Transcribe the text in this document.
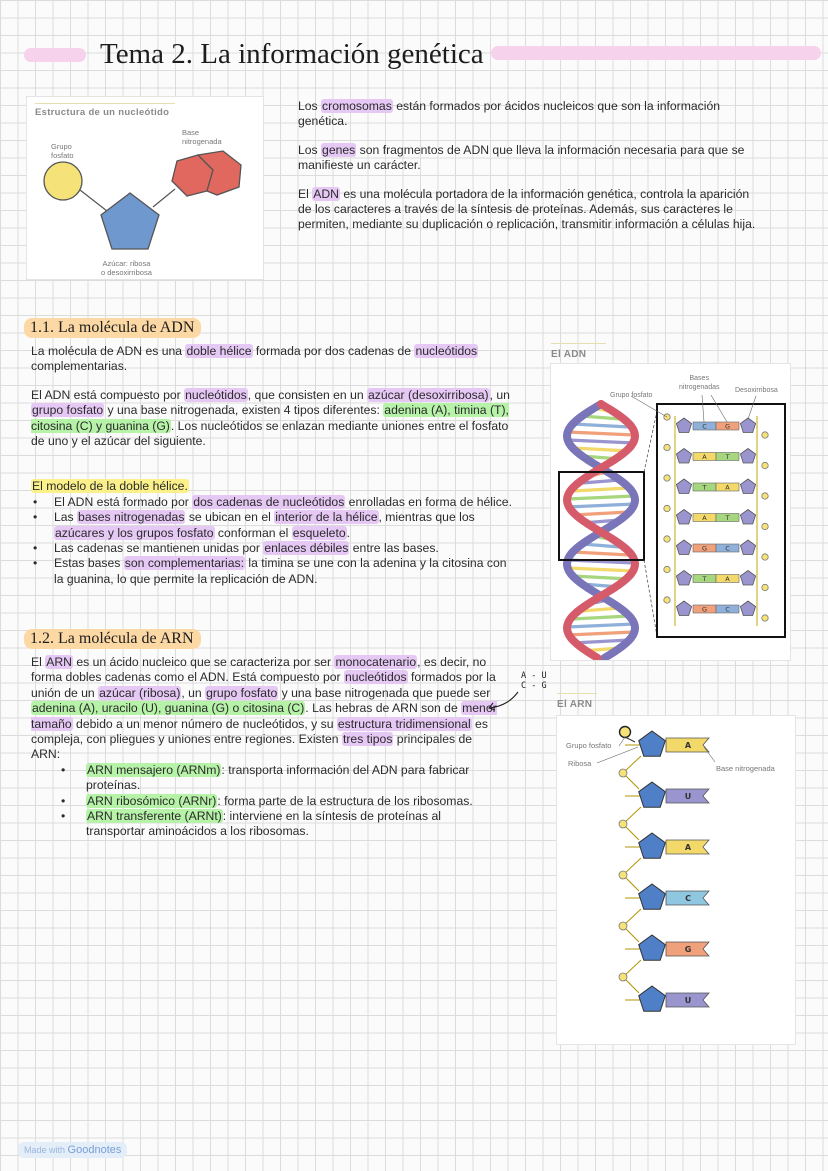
Tema 2. La información genética
Estructura de un nucleótido
Grupo
fosfato
Base
nitrogenada
Azúcar: ribosa
o desoxirribosa

Los cromosomas están formados por ácidos nucleicos que son la información genética.

Los genes son fragmentos de ADN que lleva la información necesaria para que se manifieste un carácter.

El ADN es una molécula portadora de la información genética, controla la aparición de los caracteres a través de la síntesis de proteínas. Además, sus caracteres le permiten, mediante su duplicación o replicación, transmitir información a células hija.

1.1. La molécula de ADN

La molécula de ADN es una doble hélice formada por dos cadenas de nucleótidos complementarias.

El ADN está compuesto por nucleótidos, que consisten en un azúcar (desoxirribosa), un grupo fosfato y una base nitrogenada, existen 4 tipos diferentes: adenina (A), timina (T), citosina (C) y guanina (G). Los nucleótidos se enlazan mediante uniones entre el fosfato de uno y el azúcar del siguiente.

El modelo de la doble hélice.
• El ADN está formado por dos cadenas de nucleótidos enrolladas en forma de hélice.
• Las bases nitrogenadas se ubican en el interior de la hélice, mientras que los azúcares y los grupos fosfato conforman el esqueleto.
• Las cadenas se mantienen unidas por enlaces débiles entre las bases.
• Estas bases son complementarias: la timina se une con la adenina y la citosina con la guanina, lo que permite la replicación de ADN.
El ADN
Grupo fosfato
Bases
nitrogenadas Desoxirribosa
C	G
A	T
T	A
A	T
G	C
T	A
G	C
1.2. La molécula de ARN
El ARN es un ácido nucleico que se caracteriza por ser monocatenario, es decir, no forma dobles cadenas como el ADN. Está compuesto por nucleótidos formados por la unión de un azúcar (ribosa), un grupo fosfato y una base nitrogenada que puede ser adenina (A), uracilo (U), guanina (G) o citosina (C). Las hebras de ARN son de menor tamaño debido a un menor número de nucleótidos, y su estructura tridimensional es compleja, con pliegues y uniones entre regiones. Existen tres tipos principales de ARN:
• ARN mensajero (ARNm): transporta información del ADN para fabricar proteínas.
• ARN ribosómico (ARNr): forma parte de la estructura de los ribosomas.
• ARN transferente (ARNt): interviene en la síntesis de proteínas al transportar aminoácidos a los ribosomas.
A - U
C - G
El ARN
Grupo fosfato
Ribosa
Base nitrogenada
A
U
A
C
G
U
Made with Goodnotes
